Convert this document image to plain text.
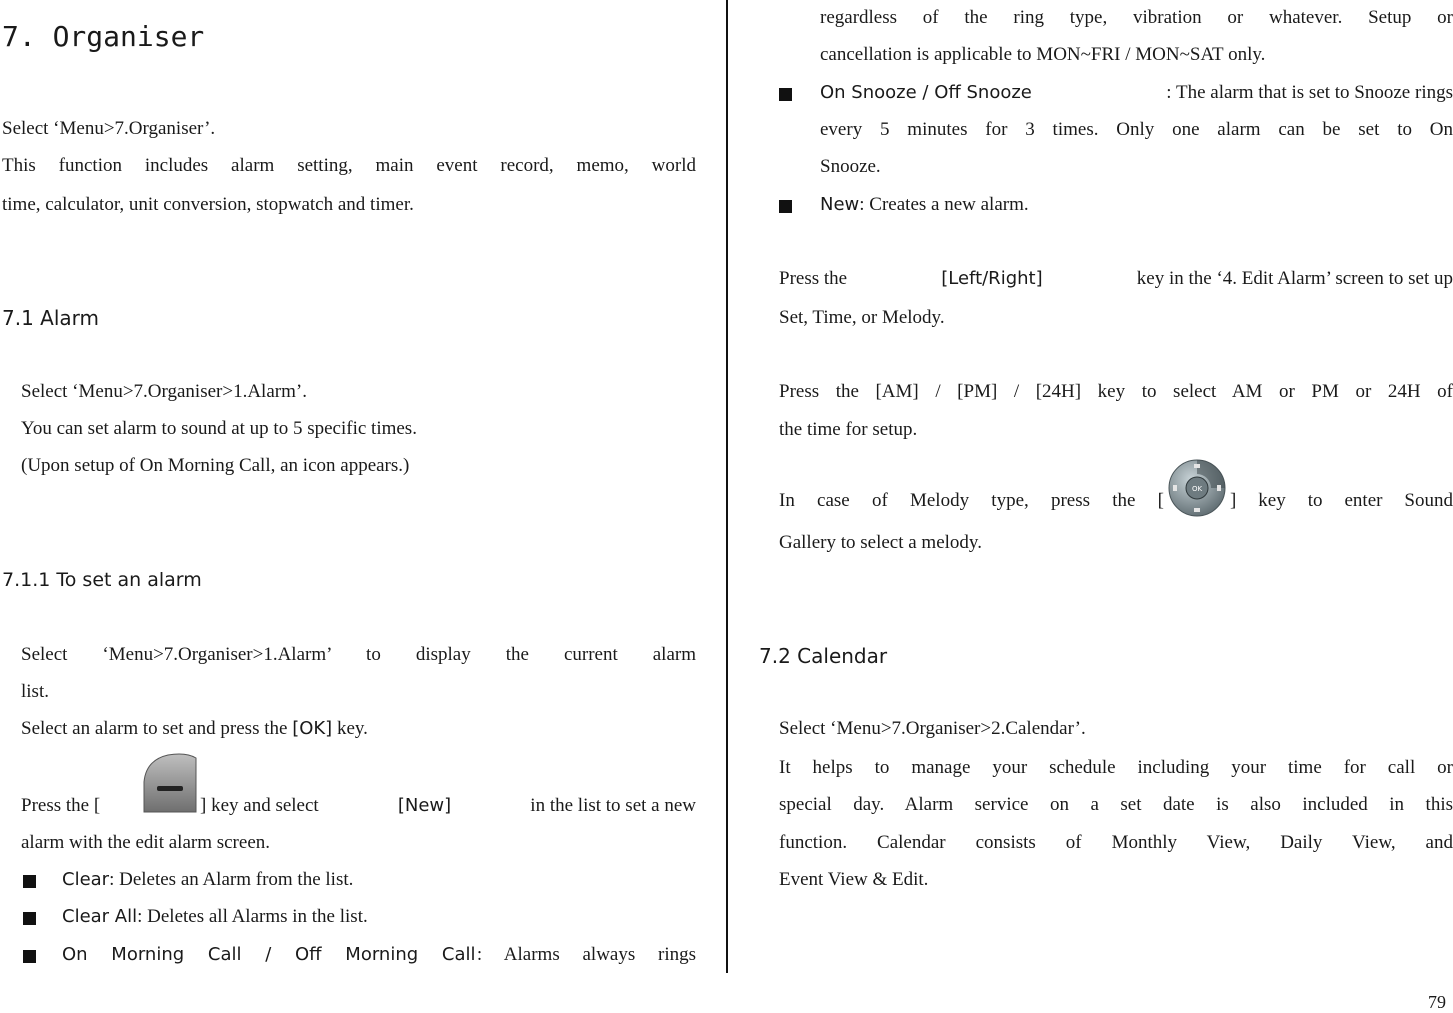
7. Organiser
Select ‘Menu>7.Organiser’.
This function includes alarm setting, main event record, memo, world
time, calculator, unit conversion, stopwatch and timer.
7.1 Alarm
Select ‘Menu>7.Organiser>1.Alarm’.
You can set alarm to sound at up to 5 specific times.
(Upon setup of On Morning Call, an icon appears.)
7.1.1 To set an alarm
Select ‘Menu>7.Organiser>1.Alarm’ to display the current alarm
list.
Select an alarm to set and press the [OK] key.
Press the [	] key and select	[New]	in the list to set a new
alarm with the edit alarm screen.
Clear: Deletes an Alarm from the list.
Clear All: Deletes all Alarms in the list.
On Morning Call / Off Morning Call : Alarms always rings
regardless of the ring type, vibration or whatever. Setup or
cancellation is applicable to MON~FRI / MON~SAT only.
On Snooze / Off Snooze	: The alarm that is set to Snooze rings
every 5 minutes for 3 times. Only one alarm can be set to On
Snooze.
New: Creates a new alarm.
Press the	[Left/Right]	key in the ‘4. Edit Alarm’ screen to set up
Set, Time, or Melody.
Press the [AM] / [PM] / [24H] key to select AM or PM or 24H of
the time for setup.
In case of Melody type, press the [
OK
] key to enter Sound
Gallery to select a melody.
7.2 Calendar
Select ‘Menu>7.Organiser>2.Calendar’.
It helps to manage your schedule including your time for call or
special day. Alarm service on a set date is also included in this
function. Calendar consists of Monthly View, Daily View, and
Event View & Edit.
79
